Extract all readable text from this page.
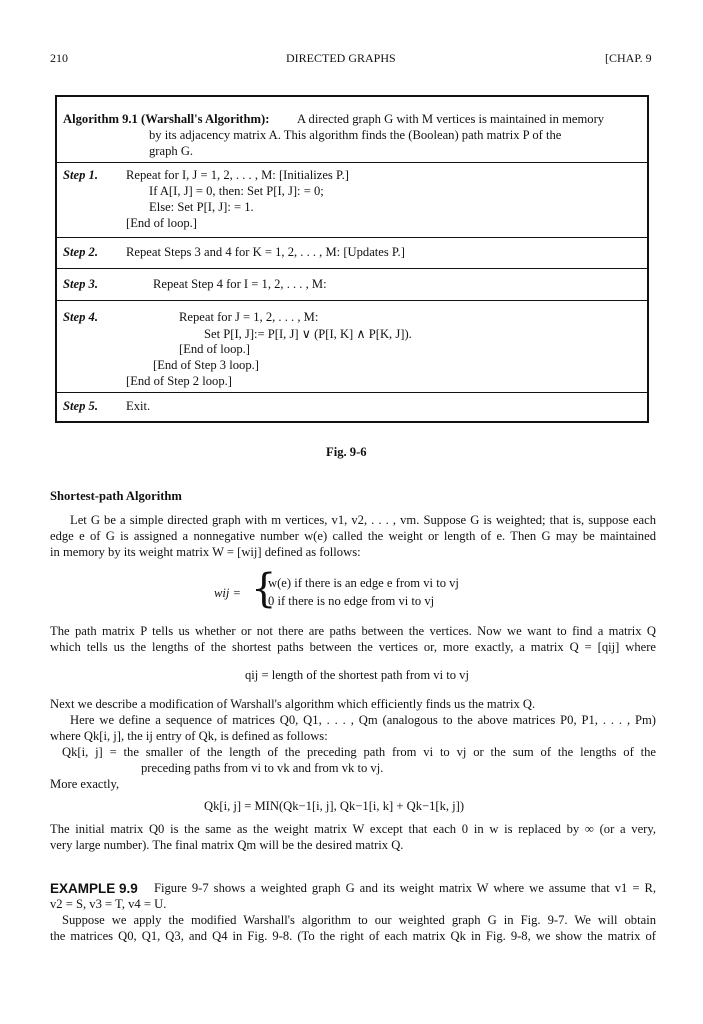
210	DIRECTED GRAPHS	[CHAP. 9
Algorithm 9.1 (Warshall's Algorithm): A directed graph G with M vertices is maintained in memory
by its adjacency matrix A. This algorithm finds the (Boolean) path matrix P of the
graph G.
Step 1. Repeat for I, J = 1, 2, . . . , M: [Initializes P.]
If A[I, J] = 0, then: Set P[I, J]: = 0;
Else: Set P[I, J]: = 1.
[End of loop.]
Step 2. Repeat Steps 3 and 4 for K = 1, 2, . . . , M: [Updates P.]
Step 3.	Repeat Step 4 for I = 1, 2, . . . , M:
Step 4.	Repeat for J = 1, 2, . . . , M:
Set P[I, J]:= P[I, J] ∨ (P[I, K] ∧ P[K, J]).
[End of loop.]
[End of Step 3 loop.]
[End of Step 2 loop.]
Step 5. Exit.
Fig. 9-6
Shortest-path Algorithm
Let G be a simple directed graph with m vertices, v1, v2, . . . , vm. Suppose G is weighted; that is, suppose each
edge e of G is assigned a nonnegative number w(e) called the weight or length of e. Then G may be maintained
in memory by its weight matrix W = [wij] defined as follows:
wij = {
w(e) if there is an edge e from vi to vj
0 if there is no edge from vi to vj
The path matrix P tells us whether or not there are paths between the vertices. Now we want to find a matrix Q
which tells us the lengths of the shortest paths between the vertices or, more exactly, a matrix Q = [qij] where
qij = length of the shortest path from vi to vj
Next we describe a modification of Warshall's algorithm which efficiently finds us the matrix Q.
Here we define a sequence of matrices Q0, Q1, . . . , Qm (analogous to the above matrices P0, P1, . . . , Pm)
where Qk[i, j], the ij entry of Qk, is defined as follows:
Qk[i, j] = the smaller of the length of the preceding path from vi to vj or the sum of the lengths of the
preceding paths from vi to vk and from vk to vj.
More exactly,
Qk[i, j] = MIN(Qk−1[i, j], Qk−1[i, k] + Qk−1[k, j])
The initial matrix Q0 is the same as the weight matrix W except that each 0 in w is replaced by ∞ (or a very,
very large number). The final matrix Qm will be the desired matrix Q.
EXAMPLE 9.9 Figure 9-7 shows a weighted graph G and its weight matrix W where we assume that v1 = R,
v2 = S, v3 = T, v4 = U.
Suppose we apply the modified Warshall's algorithm to our weighted graph G in Fig. 9-7. We will obtain
the matrices Q0, Q1, Q3, and Q4 in Fig. 9-8. (To the right of each matrix Qk in Fig. 9-8, we show the matrix of
